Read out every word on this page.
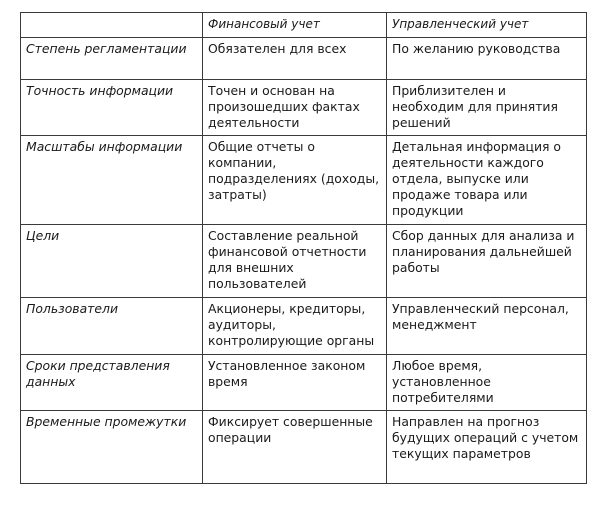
	Финансовый учет	Управленческий учет
Степень регламентации	Обязателен для всех	По желанию руководства
Точность информации	Точен и основан на произошедших фактах деятельности	Приблизителен и необходим для принятия решений
Масштабы информации	Общие отчеты о компании, подразделениях (доходы, затраты)	Детальная информация о деятельности каждого отдела, выпуске или продаже товара или продукции
Цели	Составление реальной финансовой отчетности для внешних пользователей	Сбор данных для анализа и планирования дальнейшей работы
Пользователи	Акционеры, кредиторы, аудиторы, контролирующие органы	Управленческий персонал, менеджмент
Сроки представления данных	Установленное законом время	Любое время, установленное потребителями
Временные промежутки	Фиксирует совершенные операции	Направлен на прогноз будущих операций с учетом текущих параметров
